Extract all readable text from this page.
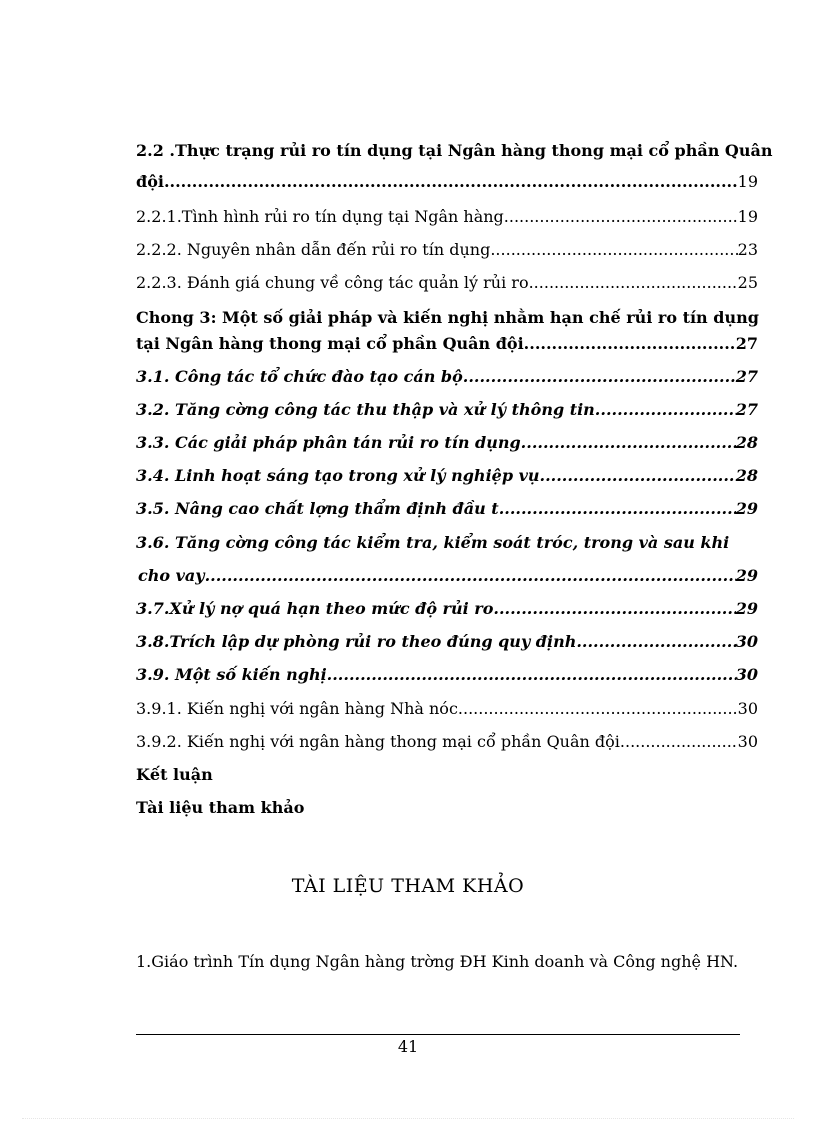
2.2 .Thực trạng rủi ro tín dụng tại Ngân hàng thong mại cổ phần Quân
đội .....	19
2.2.1.Tình hình rủi ro tín dụng tại Ngân hàng .....	19
2.2.2. Nguyên nhân dẫn đến rủi ro tín dụng .....	23
2.2.3. Đánh giá chung về công tác quản lý rủi ro .....	25
Chong 3: Một số giải pháp và kiến nghị nhằm hạn chế rủi ro tín dụng
tại Ngân hàng thong mại cổ phần Quân đội .....	27
3.1. Công tác tổ chức đào tạo cán bộ .....	27
3.2. Tăng cờng công tác thu thập và xử lý thông tin. .....	27
3.3. Các giải pháp phân tán rủi ro tín dụng .....	28
3.4. Linh hoạt sáng tạo trong xử lý nghiệp vụ. .....	28
3.5. Nâng cao chất lợng thẩm định đầu t. .....	29
3.6. Tăng cờng công tác kiểm tra, kiểm soát tróc, trong và sau khi
cho vay .....	29
3.7.Xử lý nợ quá hạn theo mức độ rủi ro .....	29
3.8.Trích lập dự phòng rủi ro theo đúng quy định .....	30
3.9. Một số kiến nghị .....	30
3.9.1. Kiến nghị với ngân hàng Nhà nóc .....	30
3.9.2. Kiến nghị với ngân hàng thong mại cổ phần Quân đội .....	30
Kết luận
Tài liệu tham khảo
TÀI LIỆU THAM KHẢO
1.Giáo trình Tín dụng Ngân hàng trờng ĐH Kinh doanh và Công nghệ HN.
41
